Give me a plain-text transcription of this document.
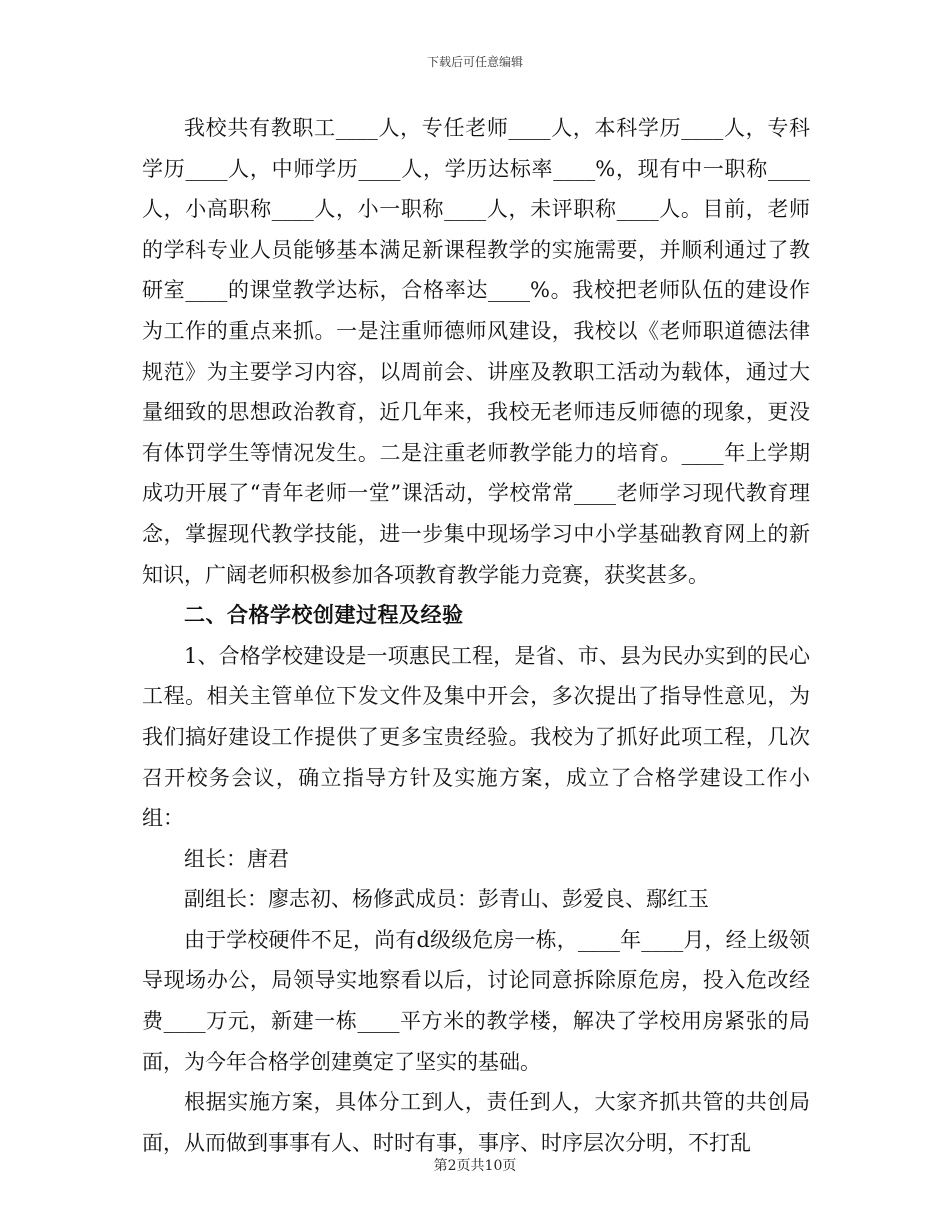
下载后可任意编辑

我校共有教职工____人，专任老师____人，本科学历____人，专科学历____人，中师学历____人，学历达标率____%，现有中一职称____人，小高职称____人，小一职称____人，未评职称____人。目前，老师的学科专业人员能够基本满足新课程教学的实施需要，并顺利通过了教研室____的课堂教学达标，合格率达____%。我校把老师队伍的建设作为工作的重点来抓。一是注重师德师风建设，我校以《老师职道德法律规范》为主要学习内容，以周前会、讲座及教职工活动为载体，通过大量细致的思想政治教育，近几年来，我校无老师违反师德的现象，更没有体罚学生等情况发生。二是注重老师教学能力的培育。____年上学期成功开展了“青年老师一堂”课活动，学校常常____老师学习现代教育理念，掌握现代教学技能，进一步集中现场学习中小学基础教育网上的新知识，广阔老师积极参加各项教育教学能力竞赛，获奖甚多。

二、合格学校创建过程及经验

1、合格学校建设是一项惠民工程，是省、市、县为民办实到的民心工程。相关主管单位下发文件及集中开会，多次提出了指导性意见，为我们搞好建设工作提供了更多宝贵经验。我校为了抓好此项工程，几次召开校务会议，确立指导方针及实施方案，成立了合格学建设工作小组：

组长：唐君

副组长：廖志初、杨修武成员：彭青山、彭爱良、鄢红玉

由于学校硬件不足，尚有d级级危房一栋，____年____月，经上级领导现场办公，局领导实地察看以后，讨论同意拆除原危房，投入危改经费____万元，新建一栋____平方米的教学楼，解决了学校用房紧张的局面，为今年合格学创建奠定了坚实的基础。

根据实施方案，具体分工到人，责任到人，大家齐抓共管的共创局面，从而做到事事有人、时时有事，事序、时序层次分明，不打乱

第2页共10页
